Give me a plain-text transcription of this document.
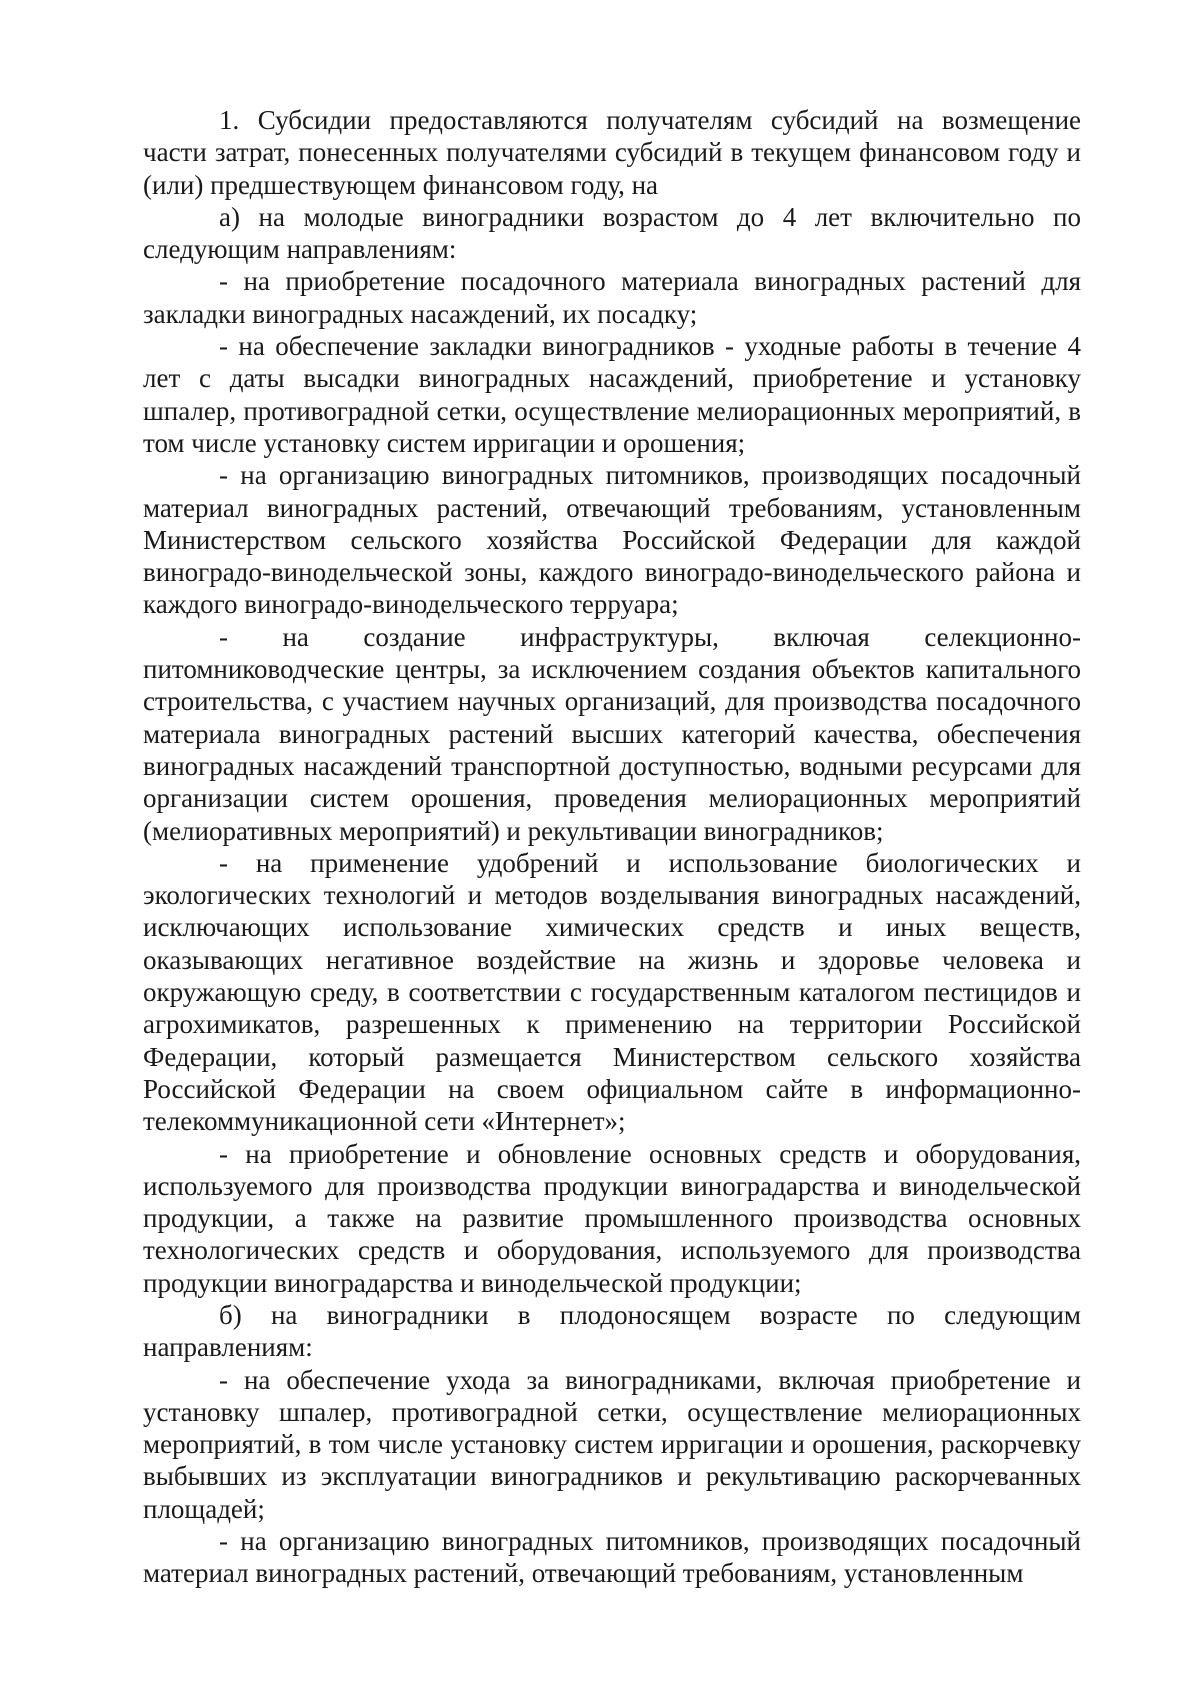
1. Субсидии предоставляются получателям субсидий на возмещение части затрат, понесенных получателями субсидий в текущем финансовом году и (или) предшествующем финансовом году, на

а) на молодые виноградники возрастом до 4 лет включительно по следующим направлениям:

- на приобретение посадочного материала виноградных растений для закладки виноградных насаждений, их посадку;

- на обеспечение закладки виноградников - уходные работы в течение 4 лет с даты высадки виноградных насаждений, приобретение и установку шпалер, противоградной сетки, осуществление мелиорационных мероприятий, в том числе установку систем ирригации и орошения;

- на организацию виноградных питомников, производящих посадочный материал виноградных растений, отвечающий требованиям, установленным Министерством сельского хозяйства Российской Федерации для каждой виноградо-винодельческой зоны, каждого виноградо-винодельческого района и каждого виноградо-винодельческого терруара;

- на создание инфраструктуры, включая селекционно-питомниководческие центры, за исключением создания объектов капитального строительства, с участием научных организаций, для производства посадочного материала виноградных растений высших категорий качества, обеспечения виноградных насаждений транспортной доступностью, водными ресурсами для организации систем орошения, проведения мелиорационных мероприятий (мелиоративных мероприятий) и рекультивации виноградников;

- на применение удобрений и использование биологических и экологических технологий и методов возделывания виноградных насаждений, исключающих использование химических средств и иных веществ, оказывающих негативное воздействие на жизнь и здоровье человека и окружающую среду, в соответствии с государственным каталогом пестицидов и агрохимикатов, разрешенных к применению на территории Российской Федерации, который размещается Министерством сельского хозяйства Российской Федерации на своем официальном сайте в информационно-телекоммуникационной сети «Интернет»;

- на приобретение и обновление основных средств и оборудования, используемого для производства продукции виноградарства и винодельческой продукции, а также на развитие промышленного производства основных технологических средств и оборудования, используемого для производства продукции виноградарства и винодельческой продукции;

б) на виноградники в плодоносящем возрасте по следующим направлениям:

- на обеспечение ухода за виноградниками, включая приобретение и установку шпалер, противоградной сетки, осуществление мелиорационных мероприятий, в том числе установку систем ирригации и орошения, раскорчевку выбывших из эксплуатации виноградников и рекультивацию раскорчеванных площадей;

- на организацию виноградных питомников, производящих посадочный материал виноградных растений, отвечающий требованиям, установленным
